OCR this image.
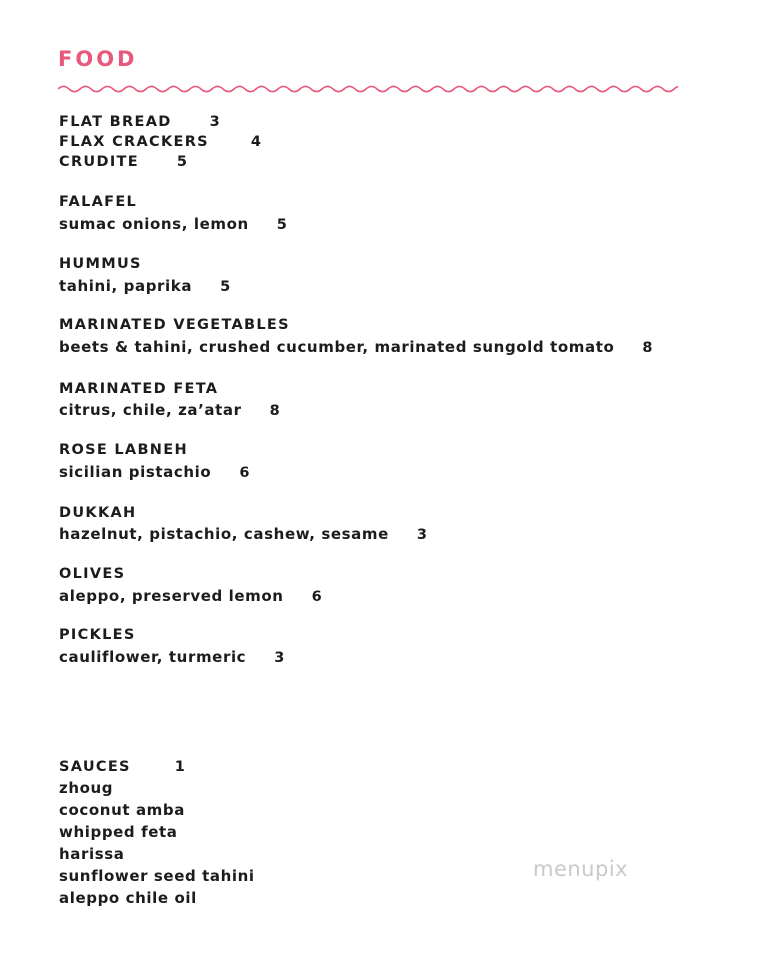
FOOD
FLAT BREAD	3
FLAX CRACKERS	4
CRUDITE	5
FALAFEL
sumac onions, lemon 5
HUMMUS
tahini, paprika 5
MARINATED VEGETABLES
beets & tahini, crushed cucumber, marinated sungold tomato 8
MARINATED FETA
citrus, chile, za’atar 8
ROSE LABNEH
sicilian pistachio 6
DUKKAH
hazelnut, pistachio, cashew, sesame 3
OLIVES
aleppo, preserved lemon 6
PICKLES
cauliflower, turmeric 3
SAUCES	1
zhoug
coconut amba
whipped feta
harissa
sunflower seed tahini
aleppo chile oil
menupix
